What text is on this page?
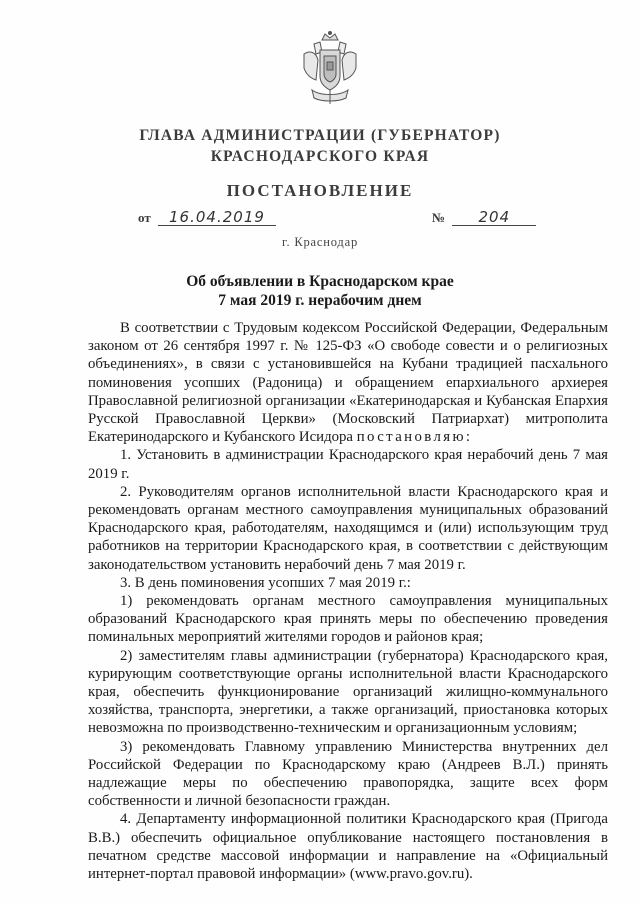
ГЛАВА АДМИНИСТРАЦИИ (ГУБЕРНАТОР)
КРАСНОДАРСКОГО КРАЯ
ПОСТАНОВЛЕНИЕ
от 16.04.2019	№ 204
г. Краснодар
Об объявлении в Краснодарском крае
7 мая 2019 г. нерабочим днем

В соответствии с Трудовым кодексом Российской Федерации, Федеральным законом от 26 сентября 1997 г. № 125-ФЗ «О свободе совести и о религиозных объединениях», в связи с установившейся на Кубани традицией пасхального поминовения усопших (Радоница) и обращением епархиального архиерея Православной религиозной организации «Екатеринодарская и Кубанская Епархия Русской Православной Церкви» (Московский Патриархат) митрополита Екатеринодарского и Кубанского Исидора постановляю:

1. Установить в администрации Краснодарского края нерабочий день 7 мая 2019 г.

2. Руководителям органов исполнительной власти Краснодарского края и рекомендовать органам местного самоуправления муниципальных образований Краснодарского края, работодателям, находящимся и (или) использующим труд работников на территории Краснодарского края, в соответствии с действующим законодательством установить нерабочий день 7 мая 2019 г.

3. В день поминовения усопших 7 мая 2019 г.:

1) рекомендовать органам местного самоуправления муниципальных образований Краснодарского края принять меры по обеспечению проведения поминальных мероприятий жителями городов и районов края;

2) заместителям главы администрации (губернатора) Краснодарского края, курирующим соответствующие органы исполнительной власти Краснодарского края, обеспечить функционирование организаций жилищно-коммунального хозяйства, транспорта, энергетики, а также организаций, приостановка которых невозможна по производственно-техническим и организационным условиям;

3) рекомендовать Главному управлению Министерства внутренних дел Российской Федерации по Краснодарскому краю (Андреев В.Л.) принять надлежащие меры по обеспечению правопорядка, защите всех форм собственности и личной безопасности граждан.

4. Департаменту информационной политики Краснодарского края (Пригода В.В.) обеспечить официальное опубликование настоящего постановления в печатном средстве массовой информации и направление на «Официальный интернет-портал правовой информации» (www.pravo.gov.ru).
